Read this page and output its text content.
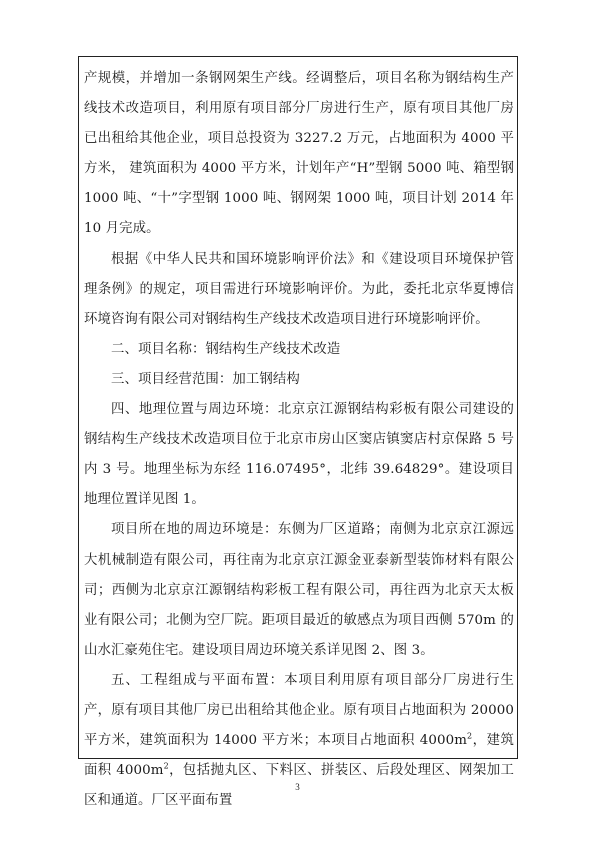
产规模，并增加一条钢网架生产线。经调整后，项目名称为钢结构生产线技术改造项目，利用原有项目部分厂房进行生产，原有项目其他厂房已出租给其他企业，项目总投资为 3227.2 万元，占地面积为 4000 平方米， 建筑面积为 4000 平方米，计划年产“H”型钢 5000 吨、箱型钢 1000 吨、“十”字型钢 1000 吨、钢网架 1000 吨，项目计划 2014 年 10 月完成。

根据《中华人民共和国环境影响评价法》和《建设项目环境保护管理条例》的规定，项目需进行环境影响评价。为此，委托北京华夏博信环境咨询有限公司对钢结构生产线技术改造项目进行环境影响评价。

二、项目名称：钢结构生产线技术改造

三、项目经营范围：加工钢结构

四、地理位置与周边环境：北京京江源钢结构彩板有限公司建设的钢结构生产线技术改造项目位于北京市房山区窦店镇窦店村京保路 5 号内 3 号。地理坐标为东经 116.07495°，北纬 39.64829°。建设项目地理位置详见图 1。

项目所在地的周边环境是：东侧为厂区道路；南侧为北京京江源远大机械制造有限公司，再往南为北京京江源金亚泰新型装饰材料有限公司；西侧为北京京江源钢结构彩板工程有限公司，再往西为北京天太板业有限公司；北侧为空厂院。距项目最近的敏感点为项目西侧 570m 的山水汇豪苑住宅。建设项目周边环境关系详见图 2、图 3。

五、工程组成与平面布置：本项目利用原有项目部分厂房进行生产，原有项目其他厂房已出租给其他企业。原有项目占地面积为 20000 平方米，建筑面积为 14000 平方米；本项目占地面积 $4000m^2$，建筑面积 $4000m^2$，包括抛丸区、下料区、拼装区、后段处理区、网架加工区和通道。厂区平面布置

3
